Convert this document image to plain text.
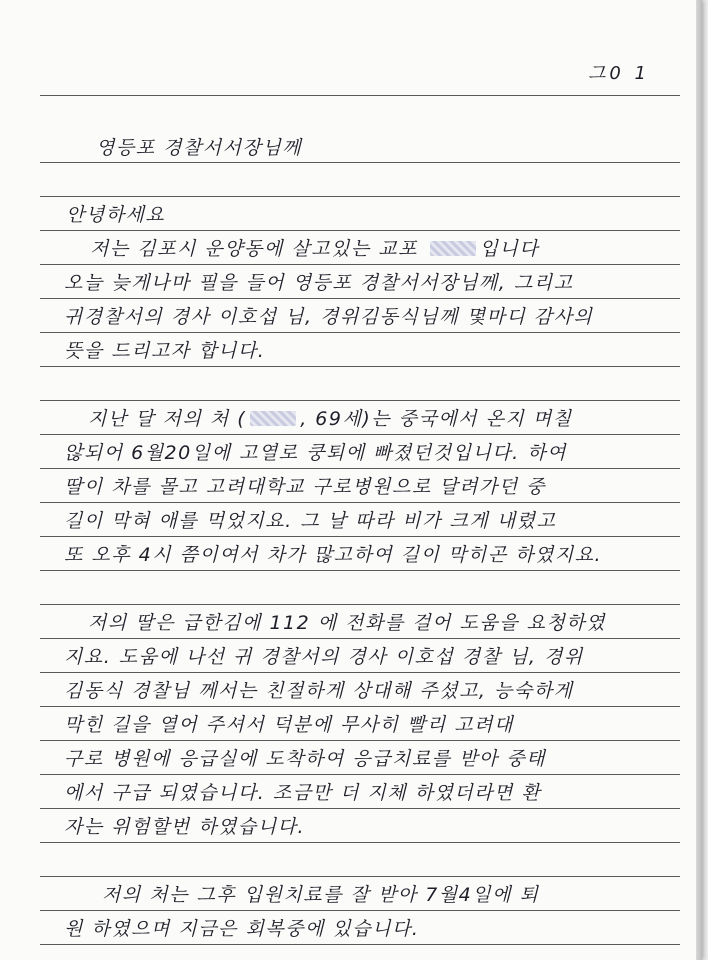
그0 1
영등포 경찰서서장님께
안녕하세요
저는 김포시 운양동에 살고있는 교포	입니다
오늘 늦게나마 필을 들어 영등포 경찰서서장님께, 그리고
귀경찰서의 경사 이호섭 님, 경위김동식님께 몇마디 감사의
뜻을 드리고자 합니다.
지난 달 저의 처 (	, 69세)는 중국에서 온지 며칠
않되어 6월20일에 고열로 쿵퇴에 빠졌던것입니다. 하여
딸이 차를 몰고 고려대학교 구로병원으로 달려가던 중
길이 막혀 애를 먹었지요. 그 날 따라 비가 크게 내렸고
또 오후 4시 쯤이여서 차가 많고하여 길이 막히곤 하였지요.
저의 딸은 급한김에 112 에 전화를 걸어 도움을 요청하였
지요. 도움에 나선 귀 경찰서의 경사 이호섭 경찰 님, 경위
김동식 경찰님 께서는 친절하게 상대해 주셨고, 능숙하게
막힌 길을 열어 주셔서 덕분에 무사히 빨리 고려대
구로 병원에 응급실에 도착하여 응급치료를 받아 중태
에서 구급 되였습니다. 조금만 더 지체 하였더라면 환
자는 위험할번 하였습니다.
저의 처는 그후 입원치료를 잘 받아 7월4일에 퇴
원 하였으며 지금은 회복중에 있습니다.
